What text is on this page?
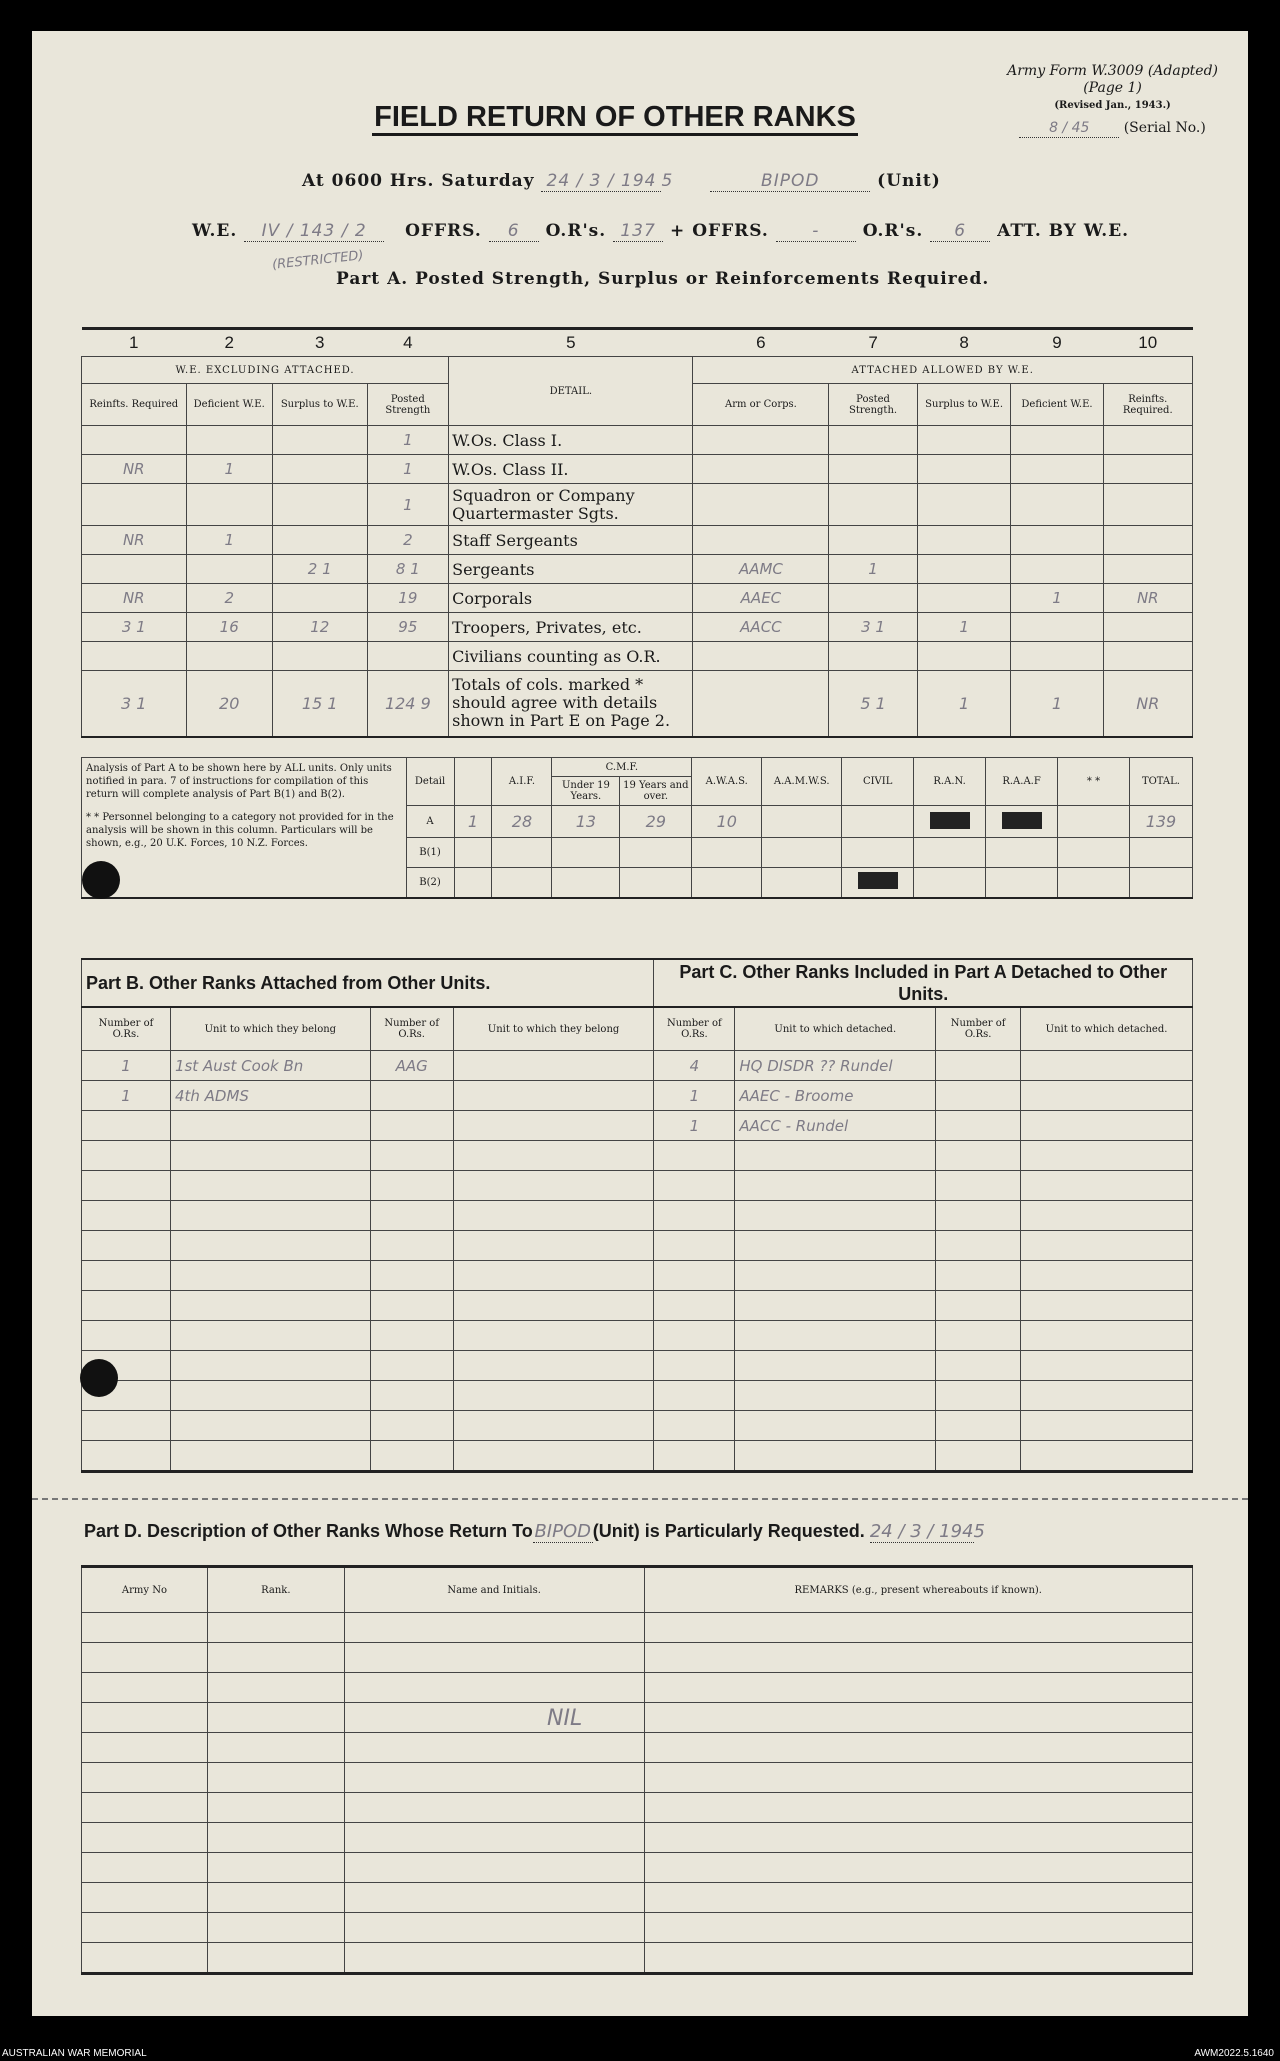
Army Form W.3009 (Adapted)
(Page 1)
(Revised Jan., 1943.)
8 / 45 (Serial No.)
FIELD RETURN OF OTHER RANKS
At 0600 Hrs. Saturday 24 / 3 / 194 5	BIPOD	(Unit)
W.E. IV / 143 / 2 OFFRS. 6 O.R's. 137 + OFFRS.	-	O.R's. 6 ATT. BY W.E.
(RESTRICTED)
Part A. Posted Strength, Surplus or Reinforcements Required.
1	2	3	4	5	6	7	8	9	10
W.E. EXCLUDING ATTACHED.				DETAIL.	ATTACHED ALLOWED BY W.E.				
Reinfts. Required	Deficient W.E.	Surplus to W.E.	Posted Strength		Arm or Corps.	Posted Strength.	Surplus to W.E.	Deficient W.E.	Reinfts. Required.
			1	W.Os. Class I.					
NR	1		1	W.Os. Class II.					
			1	Squadron or Company Quartermaster Sgts.					
NR	1		2	Staff Sergeants					
		2 1	8 1	Sergeants	AAMC	1			
NR	2		19	Corporals	AAEC			1	NR
3 1	16	12	95	Troopers, Privates, etc.	AACC	3 1	1		
				Civilians counting as O.R.					
3 1	20	15 1	124 9	Totals of cols. marked * should agree with details shown in Part E on Page 2.		5 1	1	1	NR
Analysis of Part A to be shown here by ALL units. Only units notified in para. 7 of instructions for compilation of this return will complete analysis of Part B(1) and B(2).
* * Personnel belonging to a category not provided for in the analysis will be shown in this column. Particulars will be shown, e.g., 20 U.K. Forces, 10 N.Z. Forces.	Detail		A.I.F.	C.M.F.		A.W.A.S.	A.A.M.W.S.	CIVIL	R.A.N.	R.A.A.F	* *	TOTAL.
				Under 19 Years.	19 Years and over.							
	A	1	28	13	29	10						139
	B(1)											
	B(2)											
Part B. Other Ranks Attached from Other Units.				Part C. Other Ranks Included in Part A Detached to Other Units.			
Number of O.Rs.	Unit to which they belong	Number of O.Rs.	Unit to which they belong	Number of O.Rs.	Unit to which detached.	Number of O.Rs.	Unit to which detached.
1	1st Aust Cook Bn	AAG		4	HQ DISDR ?? Rundel		
1	4th ADMS			1	AAEC - Broome		
				1	AACC - Rundel		

Part D. Description of Other Ranks Whose Return ToBIPOD(Unit) is Particularly Requested. 24 / 3 / 1945
Army No	Rank.	Name and Initials.	REMARKS (e.g., present whereabouts if known).

NIL
AUSTRALIAN WAR MEMORIAL	AWM2022.5.1640
